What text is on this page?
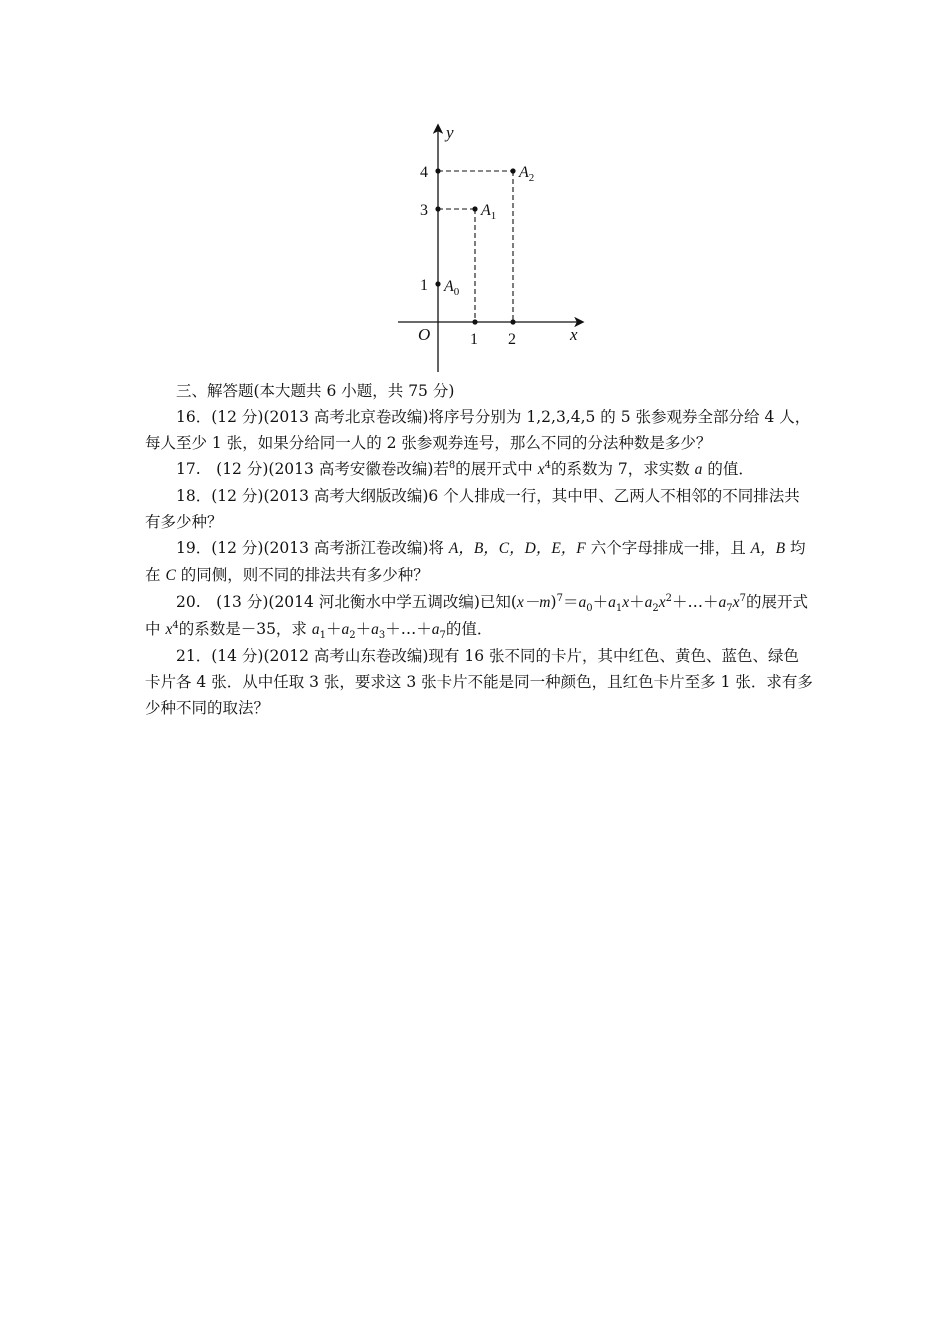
y
x
O
4
3
1
1 2
$A_0$
$A_1$
$A_2$

三、解答题(本大题共 6 小题，共 75 分)

16．(12 分)(2013 高考北京卷改编)将序号分别为 1,2,3,4,5 的 5 张参观券全部分给 4 人，每人至少 1 张，如果分给同一人的 2 张参观券连号，那么不同的分法种数是多少？

17.　(12 分)(2013 高考安徽卷改编)若$^8$的展开式中 $x^4$的系数为 7，求实数 a 的值．

18．(12 分)(2013 高考大纲版改编)6 个人排成一行，其中甲、乙两人不相邻的不同排法共有多少种？

19．(12 分)(2013 高考浙江卷改编)将 A，B，C，D，E，F 六个字母排成一排，且 A，B 均在 C 的同侧，则不同的排法共有多少种？

20.　(13 分)(2014 河北衡水中学五调改编)已知$(x-m)^7=a_0+a_1x+a_2x^2+\dots+a_7x^7$的展开式中 $x^4$的系数是－35，求 $a_1+a_2+a_3+\dots+a_7$的值．

21．(14 分)(2012 高考山东卷改编)现有 16 张不同的卡片，其中红色、黄色、蓝色、绿色卡片各 4 张．从中任取 3 张，要求这 3 张卡片不能是同一种颜色，且红色卡片至多 1 张．求有多少种不同的取法？
